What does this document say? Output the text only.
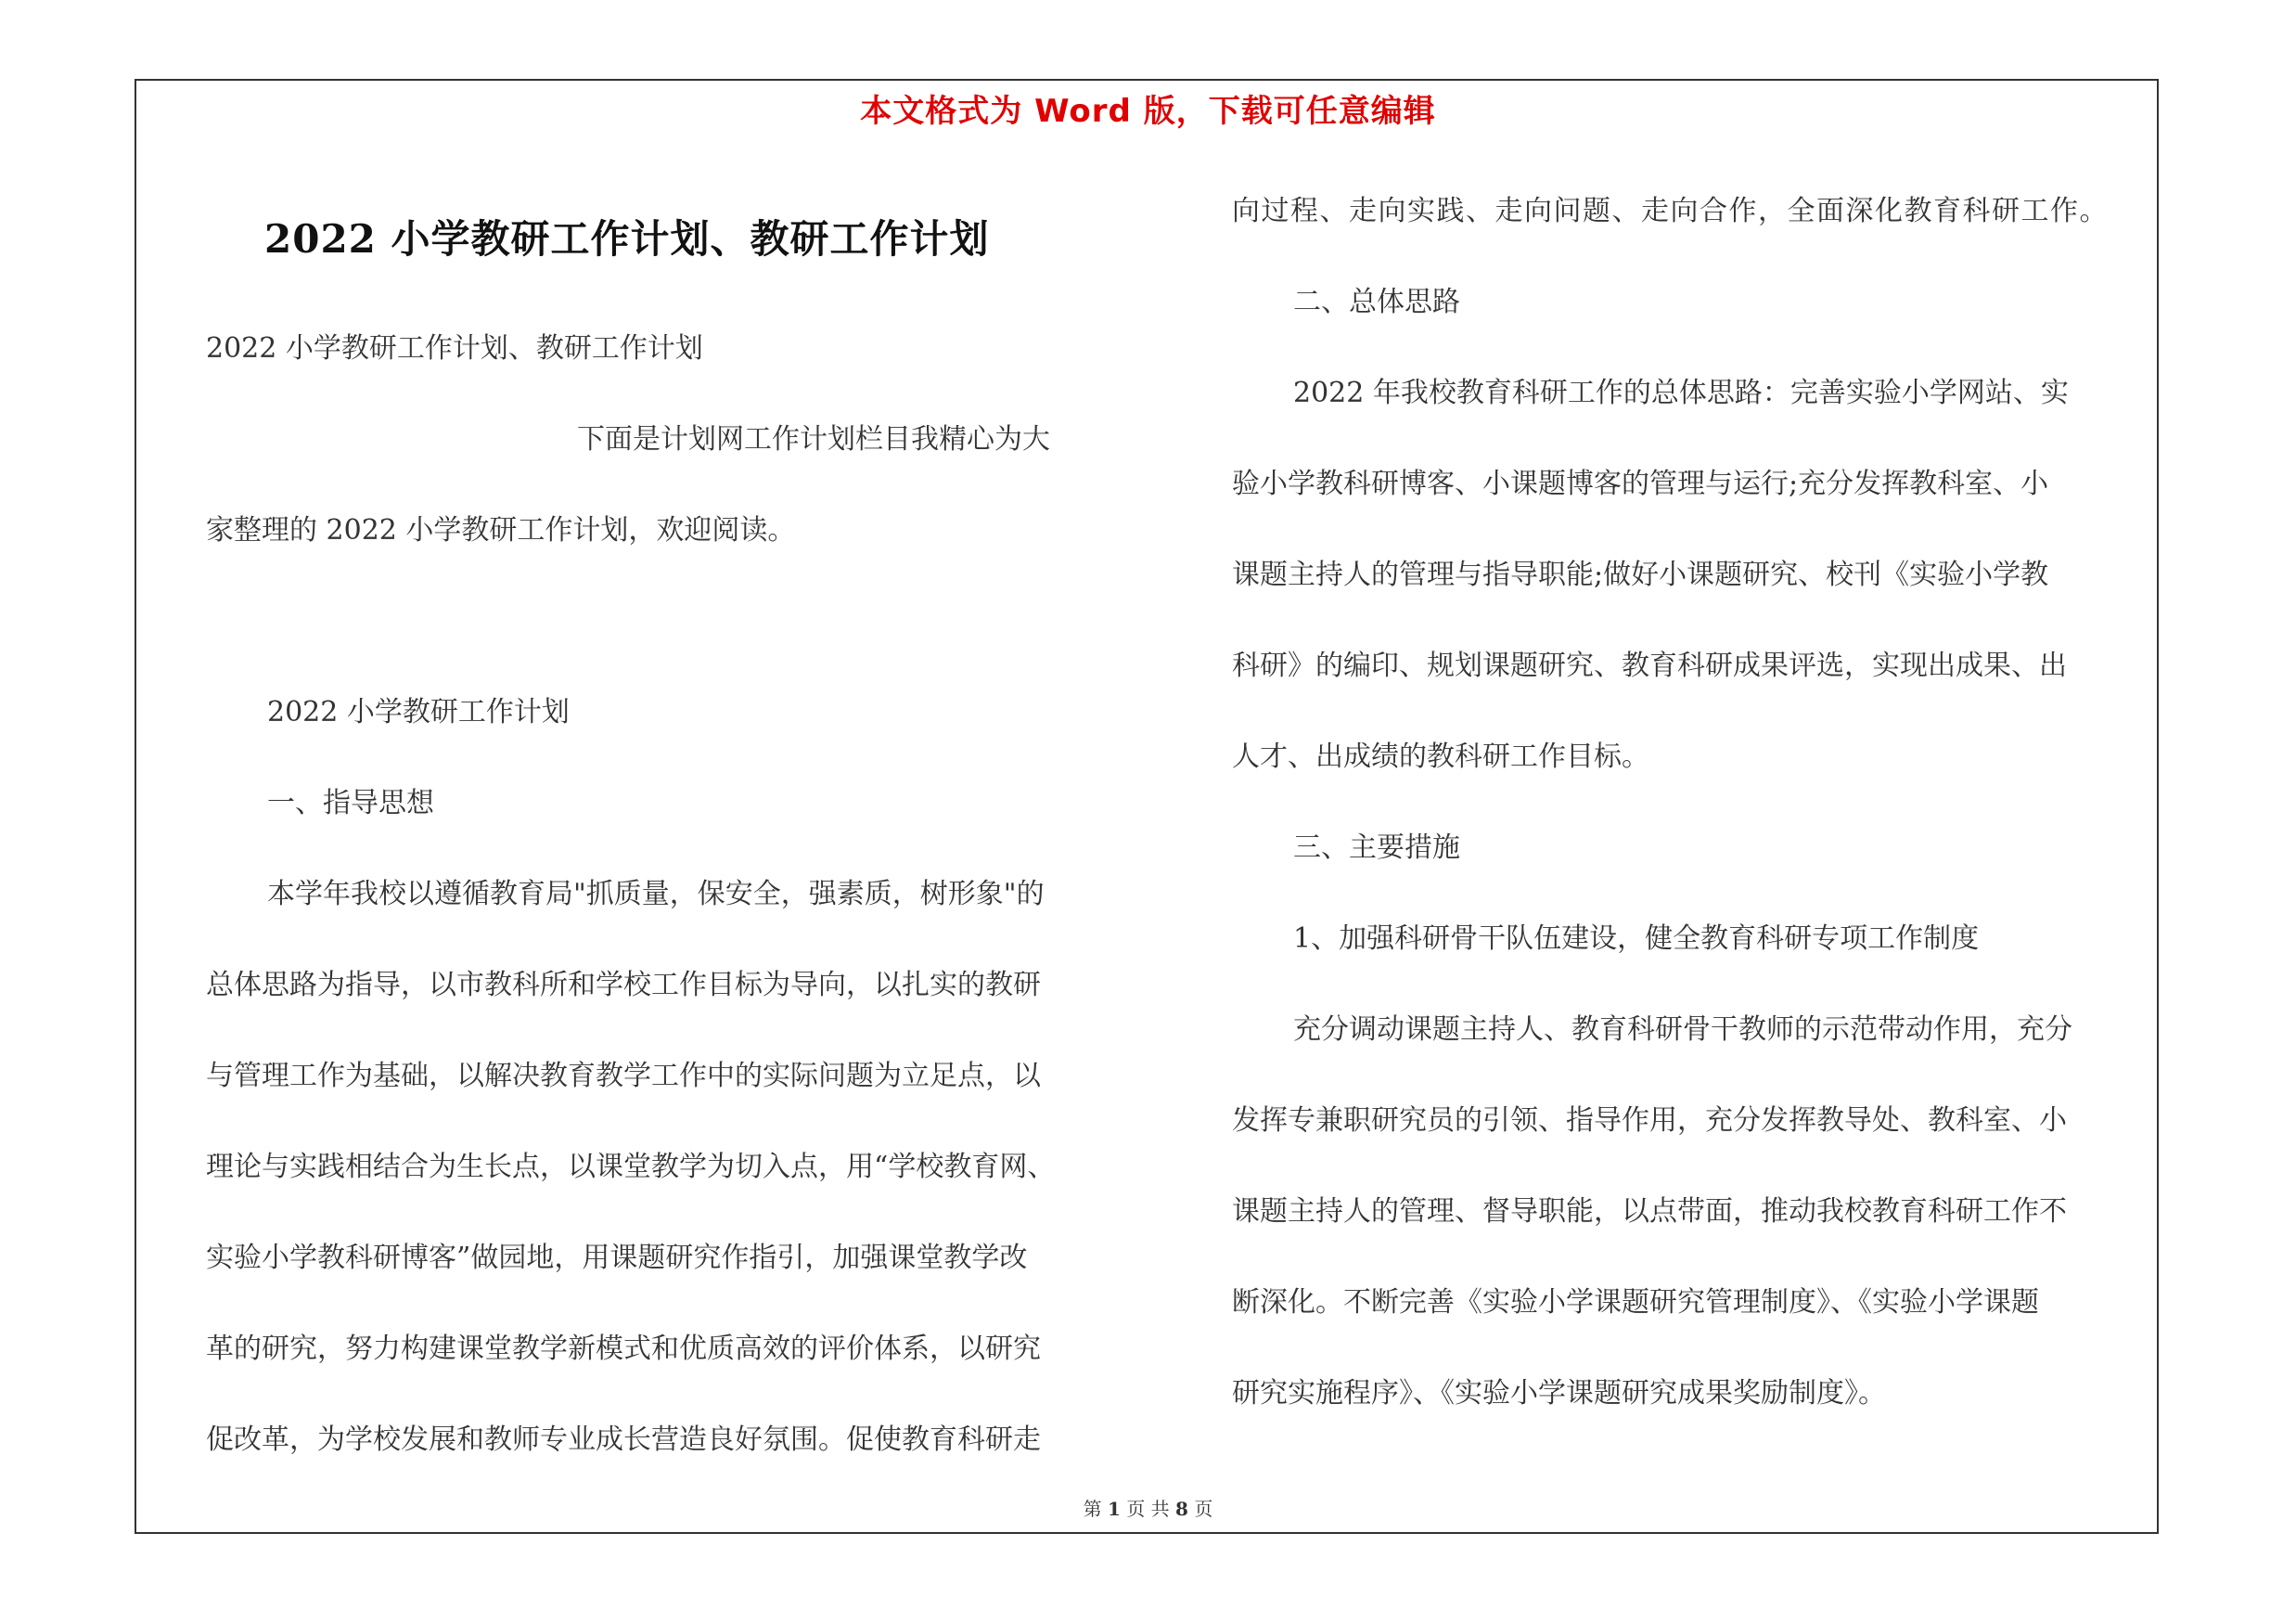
本文格式为 Word 版，下载可任意编辑
2022 小学教研工作计划、教研工作计划

2022 小学教研工作计划、教研工作计划

下面是计划网工作计划栏目我精心为大

家整理的 2022 小学教研工作计划，欢迎阅读。

2022 小学教研工作计划

一、指导思想

本学年我校以遵循教育局"抓质量，保安全，强素质，树形象"的

总体思路为指导，以市教科所和学校工作目标为导向，以扎实的教研

与管理工作为基础，以解决教育教学工作中的实际问题为立足点，以

理论与实践相结合为生长点，以课堂教学为切入点，用“学校教育网、

实验小学教科研博客”做园地，用课题研究作指引，加强课堂教学改

革的研究，努力构建课堂教学新模式和优质高效的评价体系，以研究

促改革，为学校发展和教师专业成长营造良好氛围。促使教育科研走

向过程、走向实践、走向问题、走向合作，全面深化教育科研工作。

二、总体思路

2022 年我校教育科研工作的总体思路：完善实验小学网站、实

验小学教科研博客、小课题博客的管理与运行;充分发挥教科室、小

课题主持人的管理与指导职能;做好小课题研究、校刊《实验小学教

科研》的编印、规划课题研究、教育科研成果评选，实现出成果、出

人才、出成绩的教科研工作目标。

三、主要措施

1、加强科研骨干队伍建设，健全教育科研专项工作制度

充分调动课题主持人、教育科研骨干教师的示范带动作用，充分

发挥专兼职研究员的引领、指导作用，充分发挥教导处、教科室、小

课题主持人的管理、督导职能，以点带面，推动我校教育科研工作不

断深化。不断完善《实验小学课题研究管理制度》、《实验小学课题

研究实施程序》、《实验小学课题研究成果奖励制度》。

第 1 页 共 8 页
